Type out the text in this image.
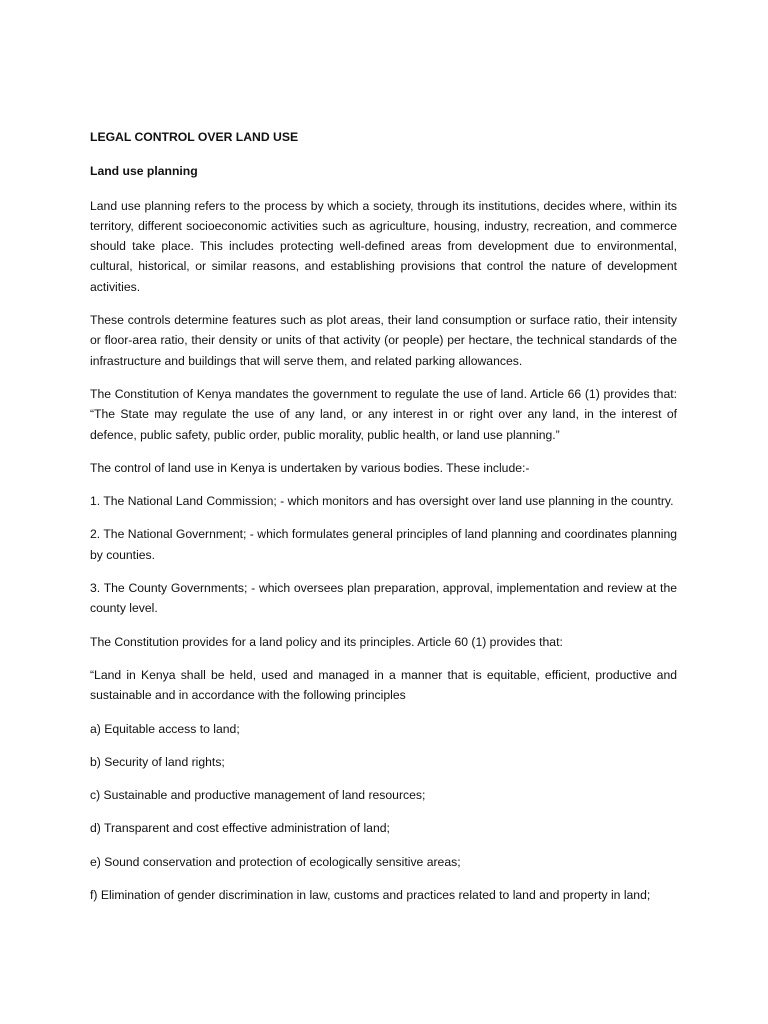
LEGAL CONTROL OVER LAND USE
Land use planning

Land use planning refers to the process by which a society, through its institutions, decides where, within its territory, different socioeconomic activities such as agriculture, housing, industry, recreation, and commerce should take place. This includes protecting well-defined areas from development due to environmental, cultural, historical, or similar reasons, and establishing provisions that control the nature of development activities.

These controls determine features such as plot areas, their land consumption or surface ratio, their intensity or floor-area ratio, their density or units of that activity (or people) per hectare, the technical standards of the infrastructure and buildings that will serve them, and related parking allowances.

The Constitution of Kenya mandates the government to regulate the use of land. Article 66 (1) provides that: “The State may regulate the use of any land, or any interest in or right over any land, in the interest of defence, public safety, public order, public morality, public health, or land use planning.”

The control of land use in Kenya is undertaken by various bodies. These include:-

1. The National Land Commission; - which monitors and has oversight over land use planning in the country.

2. The National Government; - which formulates general principles of land planning and coordinates planning by counties.

3. The County Governments; - which oversees plan preparation, approval, implementation and review at the county level.

The Constitution provides for a land policy and its principles. Article 60 (1) provides that:

“Land in Kenya shall be held, used and managed in a manner that is equitable, efficient, productive and sustainable and in accordance with the following principles

a) Equitable access to land;

b) Security of land rights;

c) Sustainable and productive management of land resources;

d) Transparent and cost effective administration of land;

e) Sound conservation and protection of ecologically sensitive areas;

f) Elimination of gender discrimination in law, customs and practices related to land and property in land;
